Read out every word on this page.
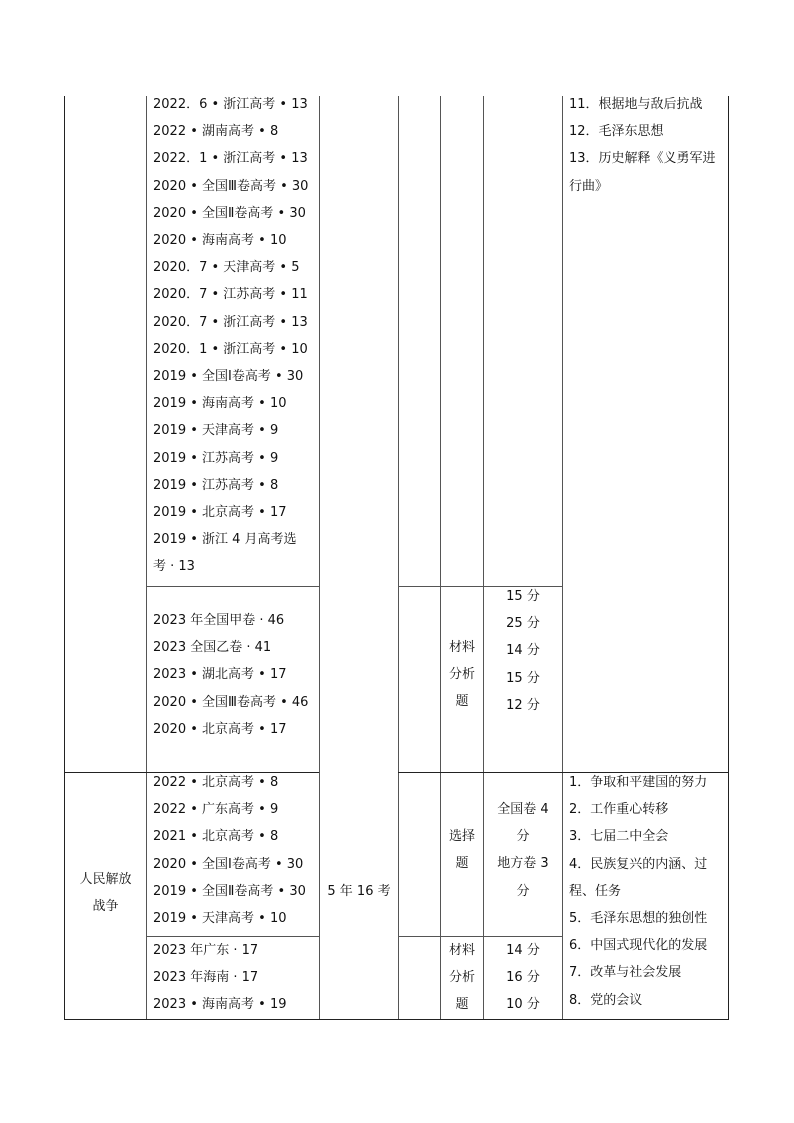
2022．6 • 浙江高考 • 13
2022 • 湖南高考 • 8
2022．1 • 浙江高考 • 13
2020 • 全国Ⅲ卷高考 • 30
2020 • 全国Ⅱ卷高考 • 30
2020 • 海南高考 • 10
2020．7 • 天津高考 • 5
2020．7 • 江苏高考 • 11
2020．7 • 浙江高考 • 13
2020．1 • 浙江高考 • 10
2019 • 全国Ⅰ卷高考 • 30
2019 • 海南高考 • 10
2019 • 天津高考 • 9
2019 • 江苏高考 • 9
2019 • 江苏高考 • 8
2019 • 北京高考 • 17
2019 • 浙江 4 月高考选
考 · 13
11．根据地与敌后抗战
12．毛泽东思想
13．历史解释《义勇军进
行曲》
2023 年全国甲卷 · 46
2023 全国乙卷 · 41
2023 • 湖北高考 • 17
2020 • 全国Ⅲ卷高考 • 46
2020 • 北京高考 • 17
材料
分析
题
15 分
25 分
14 分
15 分
12 分
人民解放
战争
2022 • 北京高考 • 8
2022 • 广东高考 • 9
2021 • 北京高考 • 8
2020 • 全国Ⅰ卷高考 • 30
2019 • 全国Ⅱ卷高考 • 30
2019 • 天津高考 • 10
5 年 16 考
选择
题
全国卷 4
分
地方卷 3
分
2023 年广东 · 17
2023 年海南 · 17
2023 • 海南高考 • 19
材料
分析
题
14 分
16 分
10 分
1．争取和平建国的努力
2．工作重心转移
3．七届二中全会
4．民族复兴的内涵、过
程、任务
5．毛泽东思想的独创性
6．中国式现代化的发展
7．改革与社会发展
8．党的会议
